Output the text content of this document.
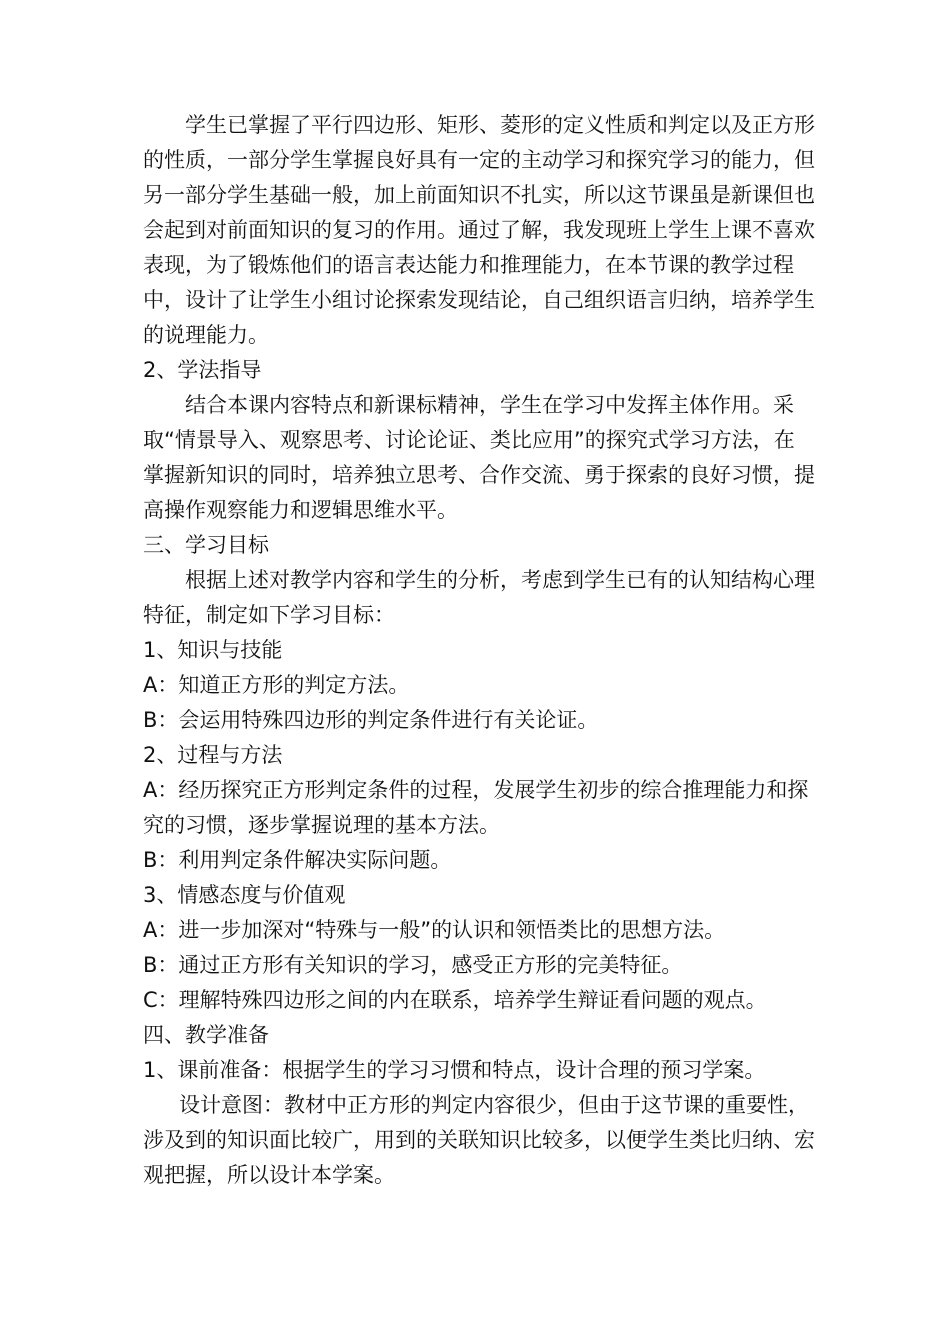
学生已掌握了平行四边形、矩形、菱形的定义性质和判定以及正方形的性质，一部分学生掌握良好具有一定的主动学习和探究学习的能力，但另一部分学生基础一般，加上前面知识不扎实，所以这节课虽是新课但也会起到对前面知识的复习的作用。通过了解，我发现班上学生上课不喜欢表现，为了锻炼他们的语言表达能力和推理能力，在本节课的教学过程中，设计了让学生小组讨论探索发现结论，自己组织语言归纳，培养学生的说理能力。

2、学法指导

结合本课内容特点和新课标精神，学生在学习中发挥主体作用。采取“情景导入、观察思考、讨论论证、类比应用”的探究式学习方法，在掌握新知识的同时，培养独立思考、合作交流、勇于探索的良好习惯，提高操作观察能力和逻辑思维水平。

三、学习目标

根据上述对教学内容和学生的分析，考虑到学生已有的认知结构心理特征，制定如下学习目标：

1、知识与技能

A：知道正方形的判定方法。

B：会运用特殊四边形的判定条件进行有关论证。

2、过程与方法

A：经历探究正方形判定条件的过程，发展学生初步的综合推理能力和探究的习惯，逐步掌握说理的基本方法。

B：利用判定条件解决实际问题。

3、情感态度与价值观

A：进一步加深对“特殊与一般”的认识和领悟类比的思想方法。

B：通过正方形有关知识的学习，感受正方形的完美特征。

C：理解特殊四边形之间的内在联系，培养学生辩证看问题的观点。

四、教学准备

1、课前准备：根据学生的学习习惯和特点，设计合理的预习学案。

设计意图：教材中正方形的判定内容很少，但由于这节课的重要性，涉及到的知识面比较广，用到的关联知识比较多，以便学生类比归纳、宏观把握，所以设计本学案。
